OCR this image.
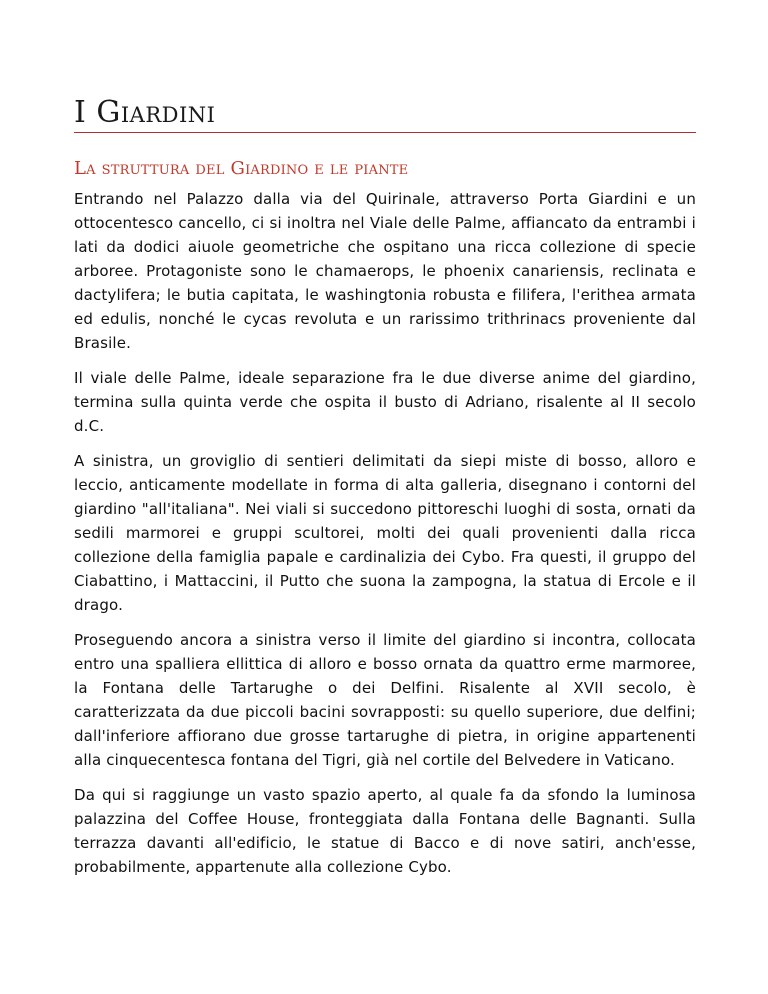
I Giardini
La struttura del Giardino e le piante

Entrando nel Palazzo dalla via del Quirinale, attraverso Porta Giardini e un ottocentesco cancello, ci si inoltra nel Viale delle Palme, affiancato da entrambi i lati da dodici aiuole geometriche che ospitano una ricca collezione di specie arboree. Protagoniste sono le chamaerops, le phoenix canariensis, reclinata e dactylifera; le butia capitata, le washingtonia robusta e filifera, l'erithea armata ed edulis, nonché le cycas revoluta e un rarissimo trithrinacs proveniente dal Brasile.

Il viale delle Palme, ideale separazione fra le due diverse anime del giardino, termina sulla quinta verde che ospita il busto di Adriano, risalente al II secolo d.C.

A sinistra, un groviglio di sentieri delimitati da siepi miste di bosso, alloro e leccio, anticamente modellate in forma di alta galleria, disegnano i contorni del giardino "all'italiana". Nei viali si succedono pittoreschi luoghi di sosta, ornati da sedili marmorei e gruppi scultorei, molti dei quali provenienti dalla ricca collezione della famiglia papale e cardinalizia dei Cybo. Fra questi, il gruppo del Ciabattino, i Mattaccini, il Putto che suona la zampogna, la statua di Ercole e il drago.

Proseguendo ancora a sinistra verso il limite del giardino si incontra, collocata entro una spalliera ellittica di alloro e bosso ornata da quattro erme marmoree, la Fontana delle Tartarughe o dei Delfini. Risalente al XVII secolo, è caratterizzata da due piccoli bacini sovrapposti: su quello superiore, due delfini; dall'inferiore affiorano due grosse tartarughe di pietra, in origine appartenenti alla cinquecentesca fontana del Tigri, già nel cortile del Belvedere in Vaticano.

Da qui si raggiunge un vasto spazio aperto, al quale fa da sfondo la luminosa palazzina del Coffee House, fronteggiata dalla Fontana delle Bagnanti. Sulla terrazza davanti all'edificio, le statue di Bacco e di nove satiri, anch'esse, probabilmente, appartenute alla collezione Cybo.
